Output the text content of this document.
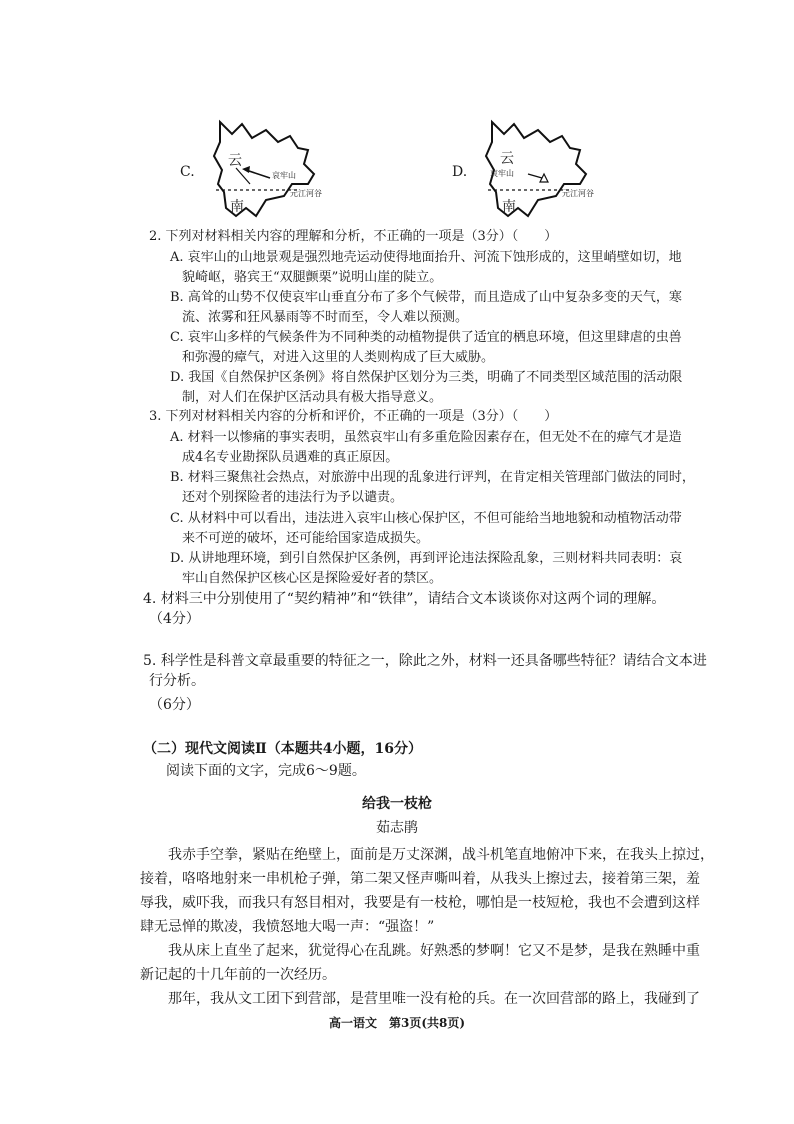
C.
云
南
哀牢山
元江河谷
D.
云
南
哀牢山
元江河谷
2. 下列对材料相关内容的理解和分析，不正确的一项是（3分）（　　）
A. 哀牢山的山地景观是强烈地壳运动使得地面抬升、河流下蚀形成的，这里峭壁如切，地
貌崎岖，骆宾王“双腿颤栗”说明山崖的陡立。
B. 高耸的山势不仅使哀牢山垂直分布了多个气候带，而且造成了山中复杂多变的天气，寒
流、浓雾和狂风暴雨等不时而至，令人难以预测。
C. 哀牢山多样的气候条件为不同种类的动植物提供了适宜的栖息环境，但这里肆虐的虫兽
和弥漫的瘴气，对进入这里的人类则构成了巨大威胁。
D. 我国《自然保护区条例》将自然保护区划分为三类，明确了不同类型区域范围的活动限
制，对人们在保护区活动具有极大指导意义。
3. 下列对材料相关内容的分析和评价，不正确的一项是（3分）（　　）
A. 材料一以惨痛的事实表明，虽然哀牢山有多重危险因素存在，但无处不在的瘴气才是造
成4名专业勘探队员遇难的真正原因。
B. 材料三聚焦社会热点，对旅游中出现的乱象进行评判，在肯定相关管理部门做法的同时，
还对个别探险者的违法行为予以谴责。
C. 从材料中可以看出，违法进入哀牢山核心保护区，不但可能给当地地貌和动植物活动带
来不可逆的破坏，还可能给国家造成损失。
D. 从讲地理环境，到引自然保护区条例，再到评论违法探险乱象，三则材料共同表明：哀
牢山自然保护区核心区是探险爱好者的禁区。
4. 材料三中分别使用了“契约精神”和“铁律”，请结合文本谈谈你对这两个词的理解。
（4分）
5. 科学性是科普文章最重要的特征之一，除此之外，材料一还具备哪些特征？请结合文本进
行分析。
（6分）
（二）现代文阅读Ⅱ（本题共4小题，16分）
阅读下面的文字，完成6～9题。
给我一枝枪
茹志鹃
我赤手空拳，紧贴在绝壁上，面前是万丈深渊，战斗机笔直地俯冲下来，在我头上掠过，
接着，咯咯地射来一串机枪子弹，第二架又怪声嘶叫着，从我头上擦过去，接着第三架，羞
辱我，威吓我，而我只有怒目相对，我要是有一枝枪，哪怕是一枝短枪，我也不会遭到这样
肆无忌惮的欺凌，我愤怒地大喝一声：“强盗！”
我从床上直坐了起来，犹觉得心在乱跳。好熟悉的梦啊！它又不是梦，是我在熟睡中重
新记起的十几年前的一次经历。
那年，我从文工团下到营部，是营里唯一没有枪的兵。在一次回营部的路上，我碰到了
高一语文　第3页(共8页)
